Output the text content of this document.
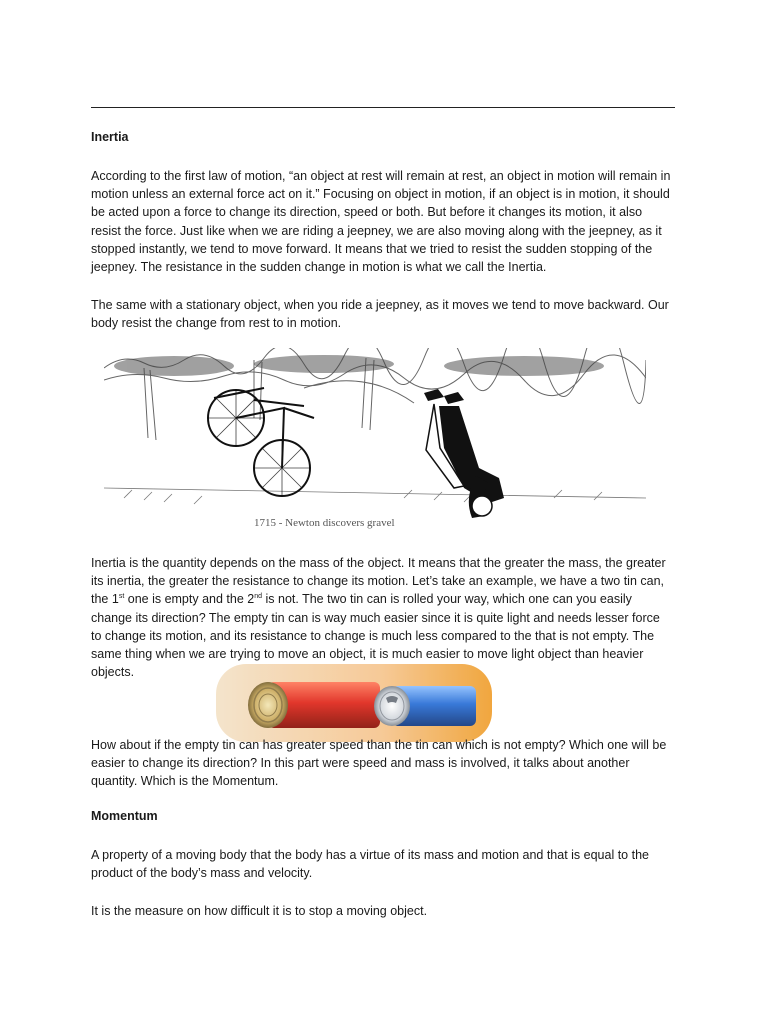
Inertia

According to the first law of motion, “an object at rest will remain at rest, an object in motion will remain in motion unless an external force act on it.” Focusing on object in motion, if an object is in motion, it should be acted upon a force to change its direction, speed or both. But before it changes its motion, it also resist the force. Just like when we are riding a jeepney, we are also moving along with the jeepney, as it stopped instantly, we tend to move forward. It means that we tried to resist the sudden stopping of the jeepney. The resistance in the sudden change in motion is what we call the Inertia.

The same with a stationary object, when you ride a jeepney, as it moves we tend to move backward. Our body resist the change from rest to in motion.

1715 - Newton discovers gravel

Inertia is the quantity depends on the mass of the object. It means that the greater the mass, the greater its inertia, the greater the resistance to change its motion. Let’s take an example, we have a two tin can, the 1st one is empty and the 2nd is not. The two tin can is rolled your way, which one can you easily change its direction? The empty tin can is way much easier since it is quite light and needs lesser force to change its motion, and its resistance to change is much less compared to the that is not empty. The same thing when we are trying to move an object, it is much easier to move light object than heavier objects.

How about if the empty tin can has greater speed than the tin can which is not empty? Which one will be easier to change its direction? In this part were speed and mass is involved, it talks about another quantity. Which is the Momentum.

Momentum

A property of a moving body that the body has a virtue of its mass and motion and that is equal to the product of the body’s mass and velocity.

It is the measure on how difficult it is to stop a moving object.
